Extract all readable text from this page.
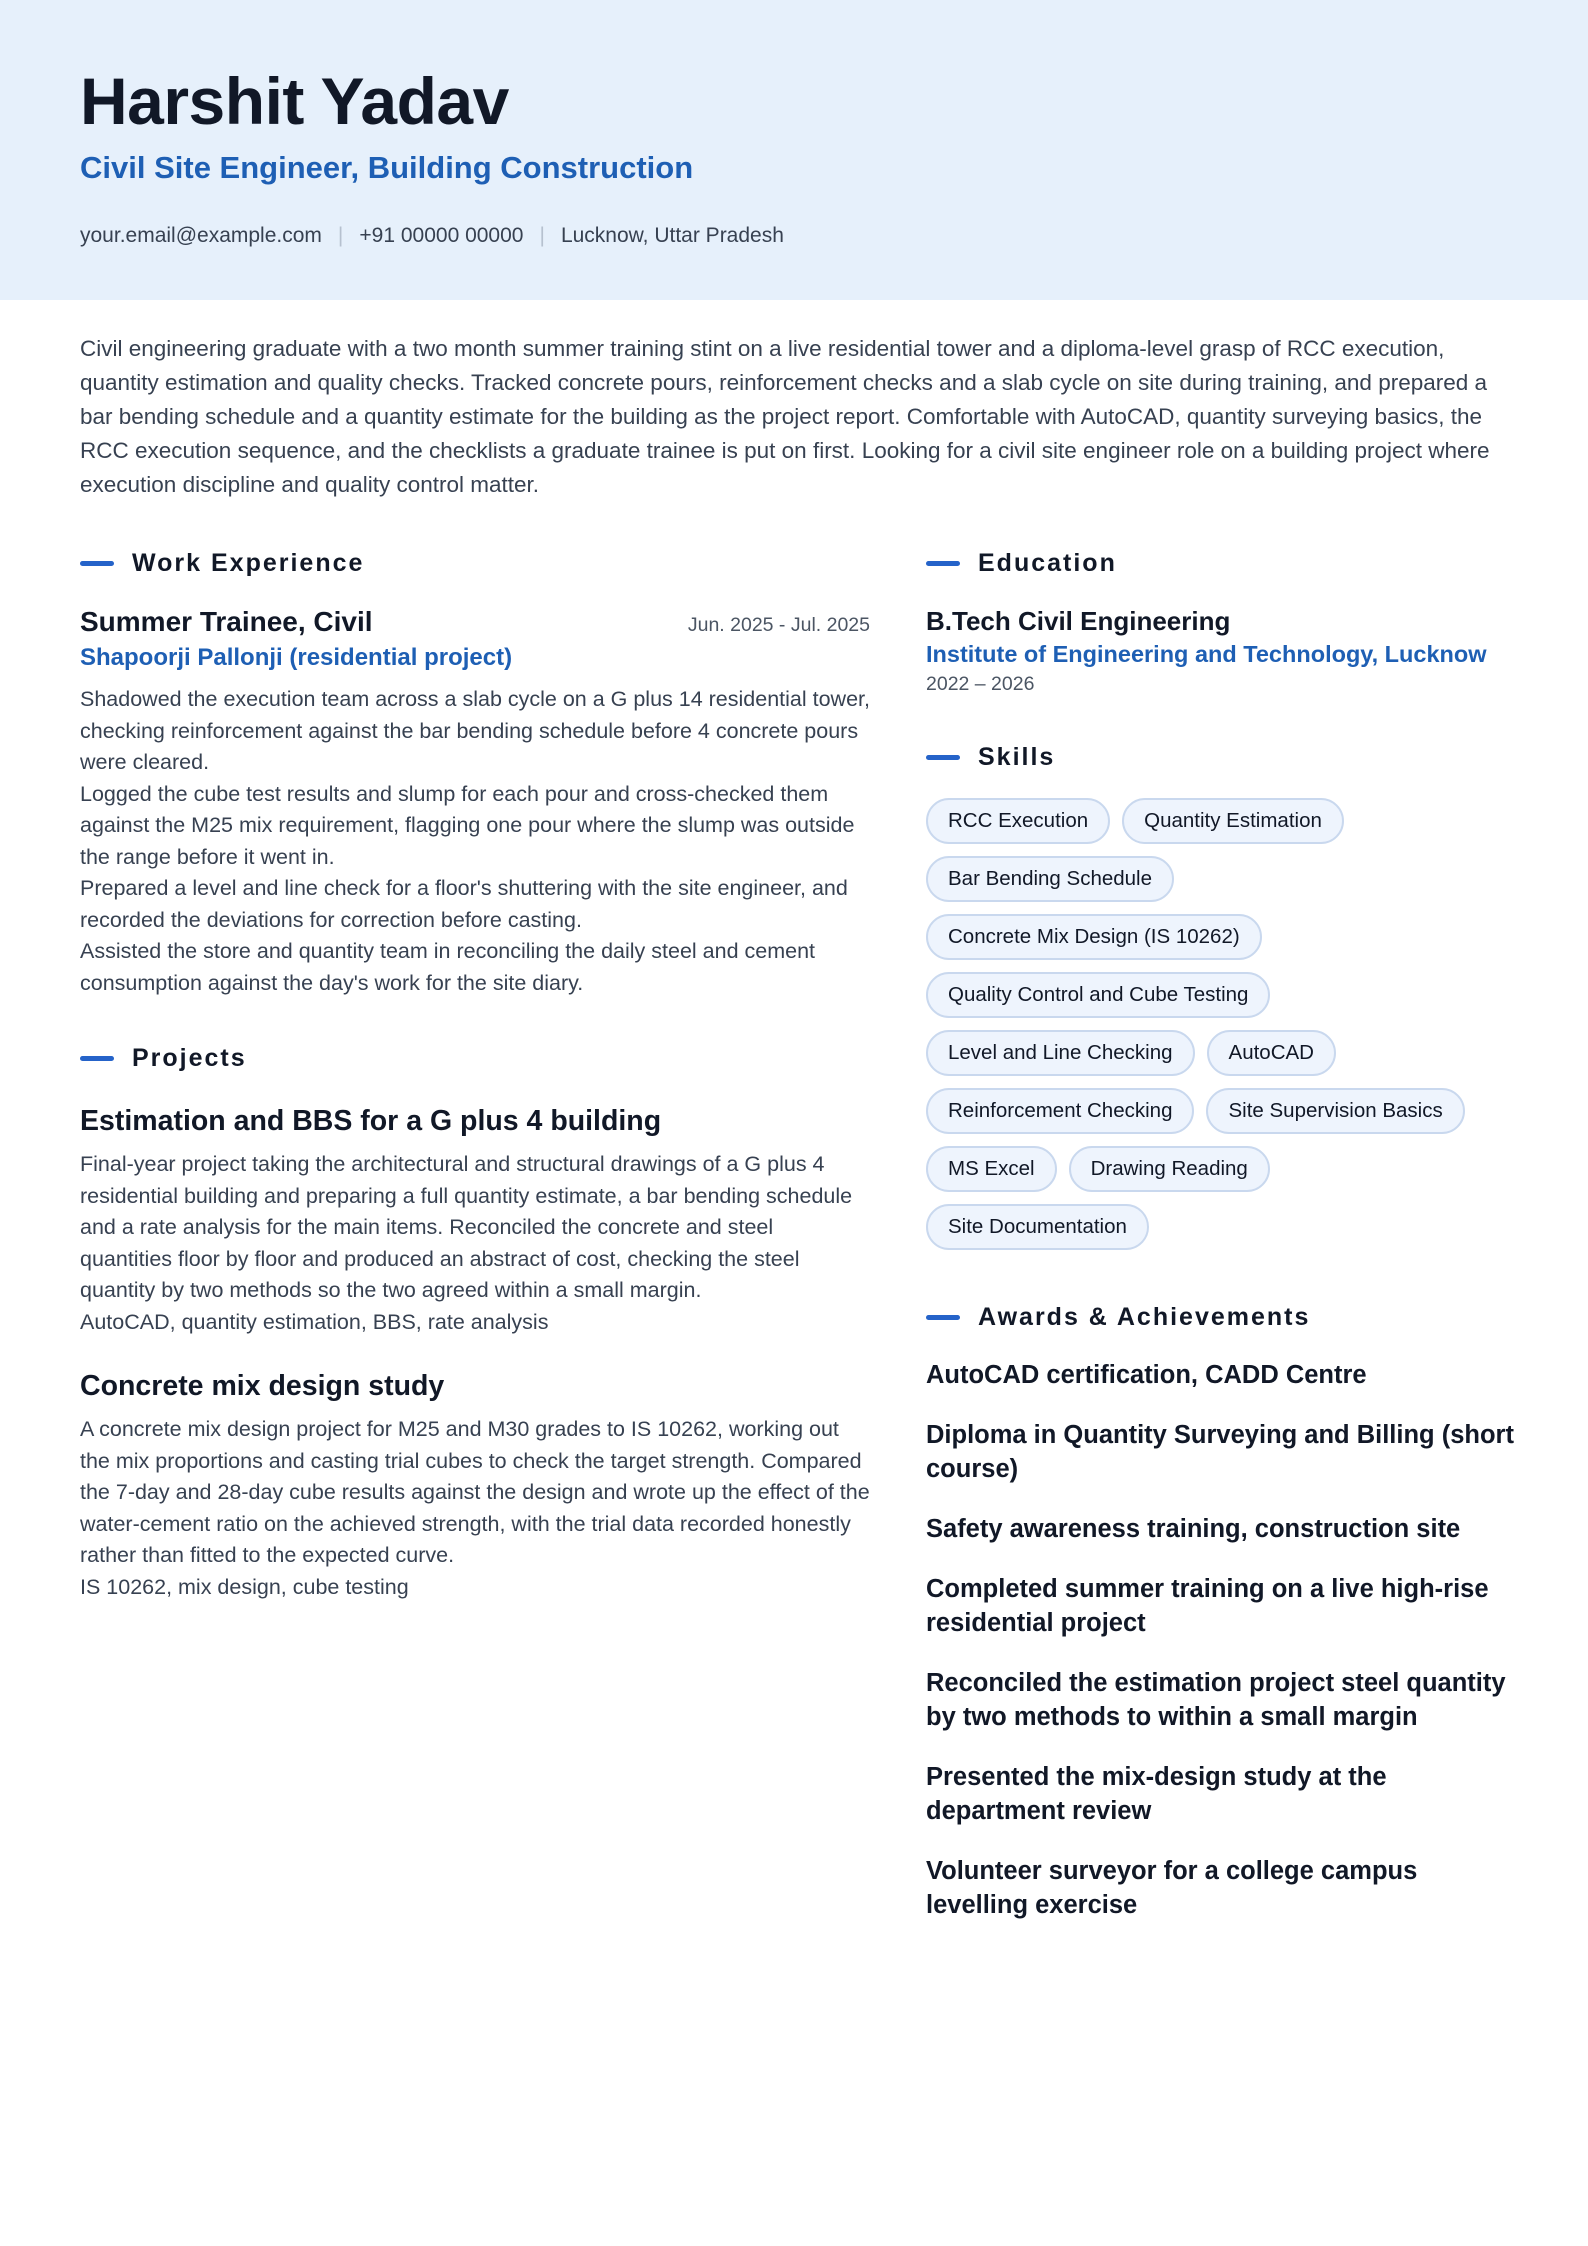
Harshit Yadav
Civil Site Engineer, Building Construction
your.email@example.com | +91 00000 00000 | Lucknow, Uttar Pradesh
Civil engineering graduate with a two month summer training stint on a live residential tower and a diploma-level grasp of RCC execution, quantity estimation and quality checks. Tracked concrete pours, reinforcement checks and a slab cycle on site during training, and prepared a bar bending schedule and a quantity estimate for the building as the project report. Comfortable with AutoCAD, quantity surveying basics, the RCC execution sequence, and the checklists a graduate trainee is put on first. Looking for a civil site engineer role on a building project where execution discipline and quality control matter.
Work Experience
Summer Trainee, Civil	Jun. 2025 - Jul. 2025
Shapoorji Pallonji (residential project)
Shadowed the execution team across a slab cycle on a G plus 14 residential tower, checking reinforcement against the bar bending schedule before 4 concrete pours were cleared.
Logged the cube test results and slump for each pour and cross-checked them against the M25 mix requirement, flagging one pour where the slump was outside the range before it went in.
Prepared a level and line check for a floor's shuttering with the site engineer, and recorded the deviations for correction before casting.
Assisted the store and quantity team in reconciling the daily steel and cement consumption against the day's work for the site diary.
Projects
Estimation and BBS for a G plus 4 building
Final-year project taking the architectural and structural drawings of a G plus 4 residential building and preparing a full quantity estimate, a bar bending schedule and a rate analysis for the main items. Reconciled the concrete and steel quantities floor by floor and produced an abstract of cost, checking the steel quantity by two methods so the two agreed within a small margin.
AutoCAD, quantity estimation, BBS, rate analysis
Concrete mix design study
A concrete mix design project for M25 and M30 grades to IS 10262, working out the mix proportions and casting trial cubes to check the target strength. Compared the 7-day and 28-day cube results against the design and wrote up the effect of the water-cement ratio on the achieved strength, with the trial data recorded honestly rather than fitted to the expected curve.
IS 10262, mix design, cube testing
Education
B.Tech Civil Engineering
Institute of Engineering and Technology, Lucknow
2022 – 2026
Skills
RCC Execution	Quantity Estimation
Bar Bending Schedule
Concrete Mix Design (IS 10262)
Quality Control and Cube Testing
Level and Line Checking	AutoCAD
Reinforcement Checking	Site Supervision Basics
MS Excel	Drawing Reading
Site Documentation
Awards & Achievements
AutoCAD certification, CADD Centre
Diploma in Quantity Surveying and Billing (short course)
Safety awareness training, construction site
Completed summer training on a live high-rise residential project
Reconciled the estimation project steel quantity by two methods to within a small margin
Presented the mix-design study at the department review
Volunteer surveyor for a college campus levelling exercise
